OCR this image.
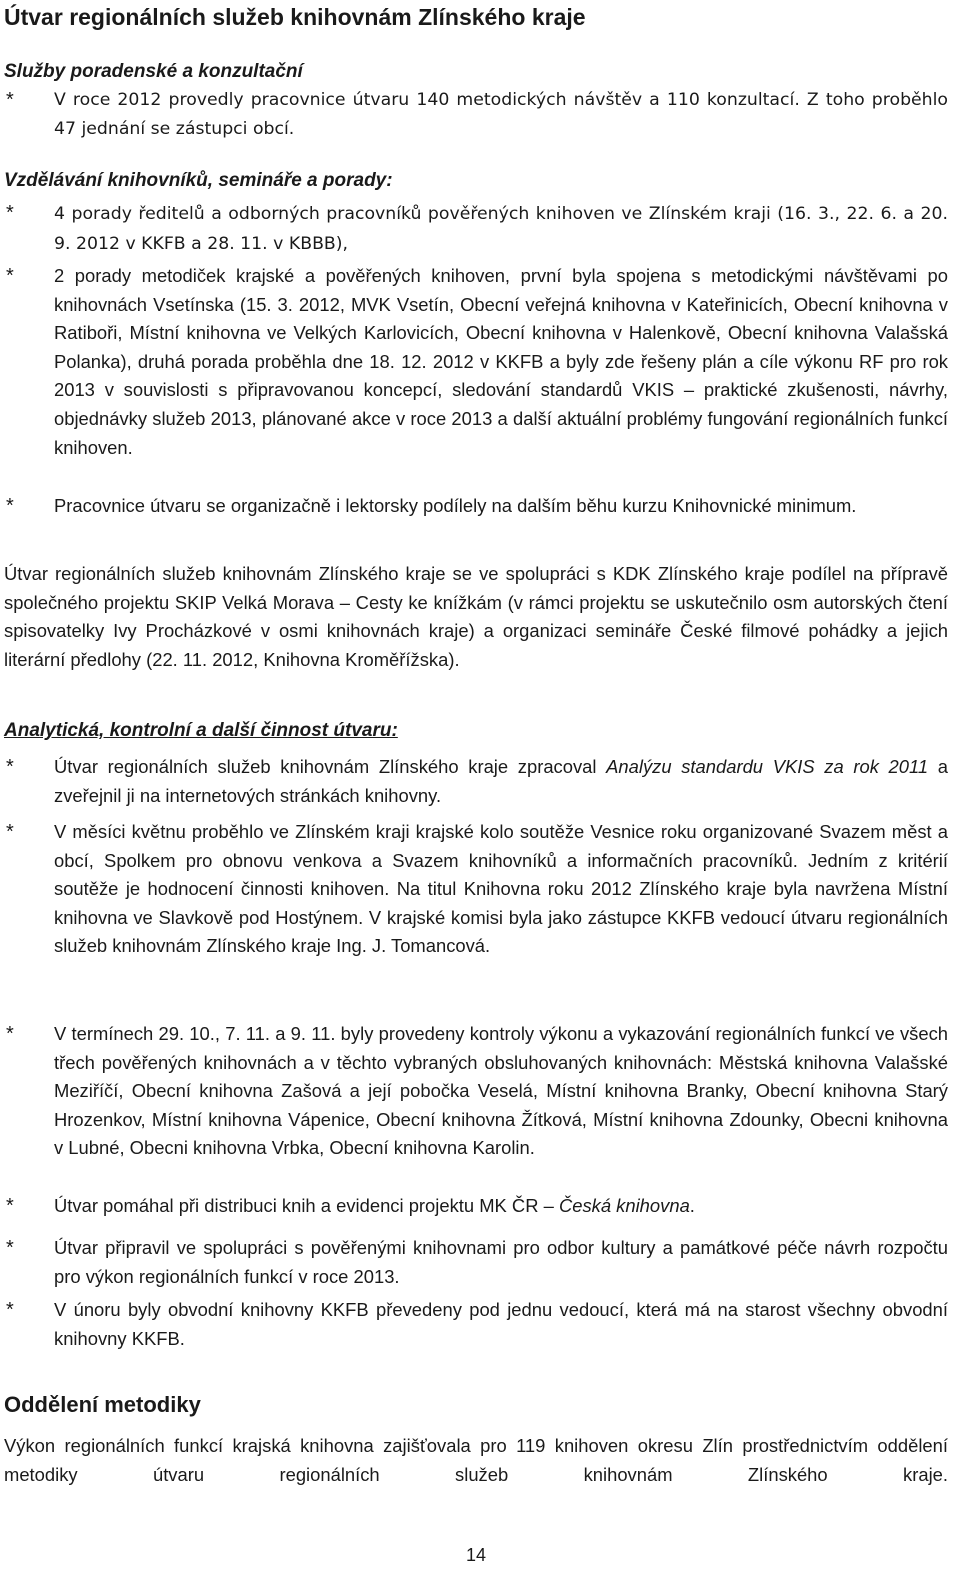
Útvar regionálních služeb knihovnám Zlínského kraje
Služby poradenské a konzultační
*	V roce 2012 provedly pracovnice útvaru 140 metodických návštěv a 110 konzultací. Z toho proběhlo 47 jednání se zástupci obcí.
Vzdělávání knihovníků, semináře a porady:
*	4 porady ředitelů a odborných pracovníků pověřených knihoven ve Zlínském kraji (16. 3., 22. 6. a 20. 9. 2012 v KKFB a 28. 11. v KBBB),
*	2 porady metodiček krajské a pověřených knihoven, první byla spojena s metodickými návštěvami po knihovnách Vsetínska (15. 3. 2012, MVK Vsetín, Obecní veřejná knihovna v Kateřinicích, Obecní knihovna v Ratiboři, Místní knihovna ve Velkých Karlovicích, Obecní knihovna v Halenkově, Obecní knihovna Valašská Polanka), druhá porada proběhla dne 18. 12. 2012 v KKFB a byly zde řešeny plán a cíle výkonu RF pro rok 2013 v souvislosti s připravovanou koncepcí, sledování standardů VKIS – praktické zkušenosti, návrhy, objednávky služeb 2013, plánované akce v roce 2013 a další aktuální problémy fungování regionálních funkcí knihoven.
*	Pracovnice útvaru se organizačně i lektorsky podílely na dalším běhu kurzu Knihovnické minimum.

Útvar regionálních služeb knihovnám Zlínského kraje se ve spolupráci s KDK Zlínského kraje podílel na přípravě společného projektu SKIP Velká Morava – Cesty ke knížkám (v rámci projektu se uskutečnilo osm autorských čtení spisovatelky Ivy Procházkové v osmi knihovnách kraje) a organizaci semináře České filmové pohádky a jejich literární předlohy (22. 11. 2012, Knihovna Kroměřížska).

Analytická, kontrolní a další činnost útvaru:
*	Útvar regionálních služeb knihovnám Zlínského kraje zpracoval Analýzu standardu VKIS za rok 2011 a zveřejnil ji na internetových stránkách knihovny.
*	V měsíci květnu proběhlo ve Zlínském kraji krajské kolo soutěže Vesnice roku organizované Svazem měst a obcí, Spolkem pro obnovu venkova a Svazem knihovníků a informačních pracovníků. Jedním z kritérií soutěže je hodnocení činnosti knihoven. Na titul Knihovna roku 2012 Zlínského kraje byla navržena Místní knihovna ve Slavkově pod Hostýnem. V krajské komisi byla jako zástupce KKFB vedoucí útvaru regionálních služeb knihovnám Zlínského kraje Ing. J. Tomancová.
*	V termínech 29. 10., 7. 11. a 9. 11. byly provedeny kontroly výkonu a vykazování regionálních funkcí ve všech třech pověřených knihovnách a v těchto vybraných obsluhovaných knihovnách: Městská knihovna Valašské Meziříčí, Obecní knihovna Zašová a její pobočka Veselá, Místní knihovna Branky, Obecní knihovna Starý Hrozenkov, Místní knihovna Vápenice, Obecní knihovna Žítková, Místní knihovna Zdounky, Obecni knihovna v Lubné, Obecni knihovna Vrbka, Obecní knihovna Karolin.
*	Útvar pomáhal při distribuci knih a evidenci projektu MK ČR – Česká knihovna.
*	Útvar připravil ve spolupráci s pověřenými knihovnami pro odbor kultury a památkové péče návrh rozpočtu pro výkon regionálních funkcí v roce 2013.
*	V únoru byly obvodní knihovny KKFB převedeny pod jednu vedoucí, která má na starost všechny obvodní knihovny KKFB.
Oddělení metodiky

Výkon regionálních funkcí krajská knihovna zajišťovala pro 119 knihoven okresu Zlín prostřednictvím oddělení metodiky útvaru regionálních služeb knihovnám Zlínského kraje.

14
